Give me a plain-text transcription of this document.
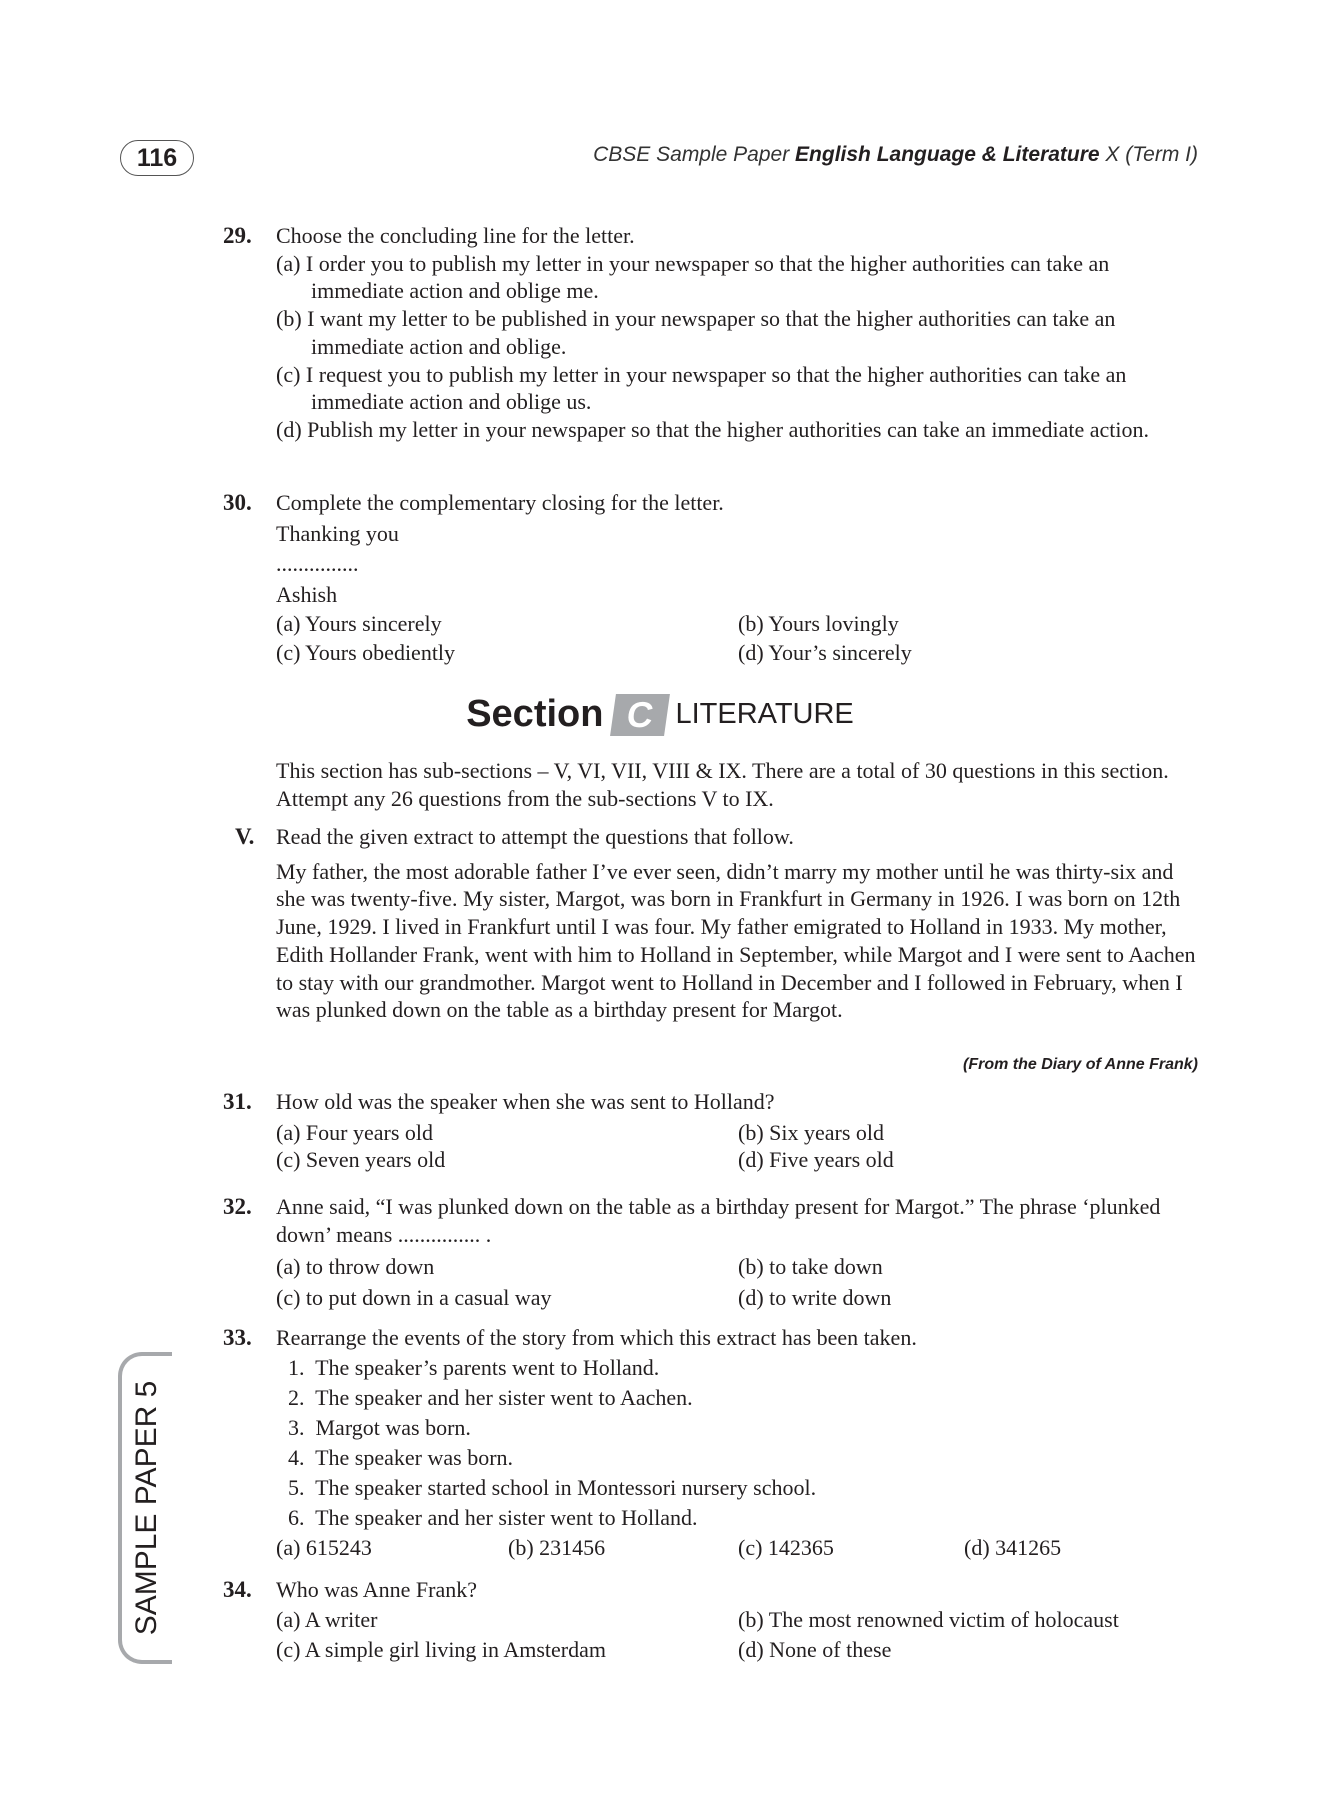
116	CBSE Sample Paper English Language & Literature X (Term I)
29. Choose the concluding line for the letter.
(a) I order you to publish my letter in your newspaper so that the higher authorities can take an immediate action and oblige me.
(b) I want my letter to be published in your newspaper so that the higher authorities can take an immediate action and oblige.
(c) I request you to publish my letter in your newspaper so that the higher authorities can take an immediate action and oblige us.
(d) Publish my letter in your newspaper so that the higher authorities can take an immediate action.
30. Complete the complementary closing for the letter.
Thanking you
...............
Ashish
(a) Yours sincerely	(b) Yours lovingly
(c) Yours obediently	(d) Your’s sincerely
Section C LITERATURE
This section has sub-sections – V, VI, VII, VIII & IX. There are a total of 30 questions in this section. Attempt any 26 questions from the sub-sections V to IX.
V. Read the given extract to attempt the questions that follow.
My father, the most adorable father I’ve ever seen, didn’t marry my mother until he was thirty-six and she was twenty-five. My sister, Margot, was born in Frankfurt in Germany in 1926. I was born on 12th June, 1929. I lived in Frankfurt until I was four. My father emigrated to Holland in 1933. My mother, Edith Hollander Frank, went with him to Holland in September, while Margot and I were sent to Aachen to stay with our grandmother. Margot went to Holland in December and I followed in February, when I was plunked down on the table as a birthday present for Margot.
(From the Diary of Anne Frank)
31. How old was the speaker when she was sent to Holland?
(a) Four years old	(b) Six years old
(c) Seven years old	(d) Five years old
32. Anne said, “I was plunked down on the table as a birthday present for Margot.” The phrase ‘plunked down’ means ............... .
(a) to throw down	(b) to take down
(c) to put down in a casual way	(d) to write down
33. Rearrange the events of the story from which this extract has been taken.
1.  The speaker’s parents went to Holland.
2.  The speaker and her sister went to Aachen.
3.  Margot was born.
4.  The speaker was born.
5.  The speaker started school in Montessori nursery school.
6.  The speaker and her sister went to Holland.
(a) 615243	(b) 231456	(c) 142365	(d) 341265
34. Who was Anne Frank?
(a) A writer	(b) The most renowned victim of holocaust
(c) A simple girl living in Amsterdam	(d) None of these
SAMPLE PAPER 5
